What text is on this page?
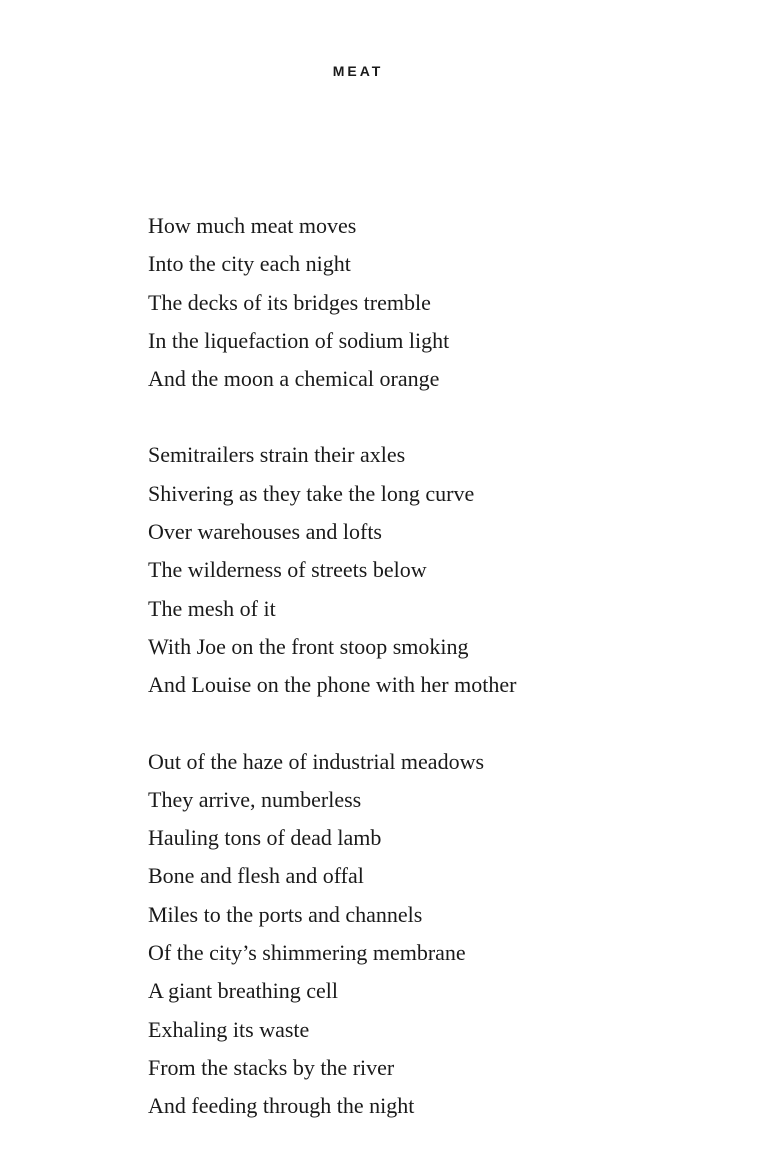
MEAT
How much meat moves
Into the city each night
The decks of its bridges tremble
In the liquefaction of sodium light
And the moon a chemical orange
Semitrailers strain their axles
Shivering as they take the long curve
Over warehouses and lofts
The wilderness of streets below
The mesh of it
With Joe on the front stoop smoking
And Louise on the phone with her mother
Out of the haze of industrial meadows
They arrive, numberless
Hauling tons of dead lamb
Bone and flesh and offal
Miles to the ports and channels
Of the city’s shimmering membrane
A giant breathing cell
Exhaling its waste
From the stacks by the river
And feeding through the night
